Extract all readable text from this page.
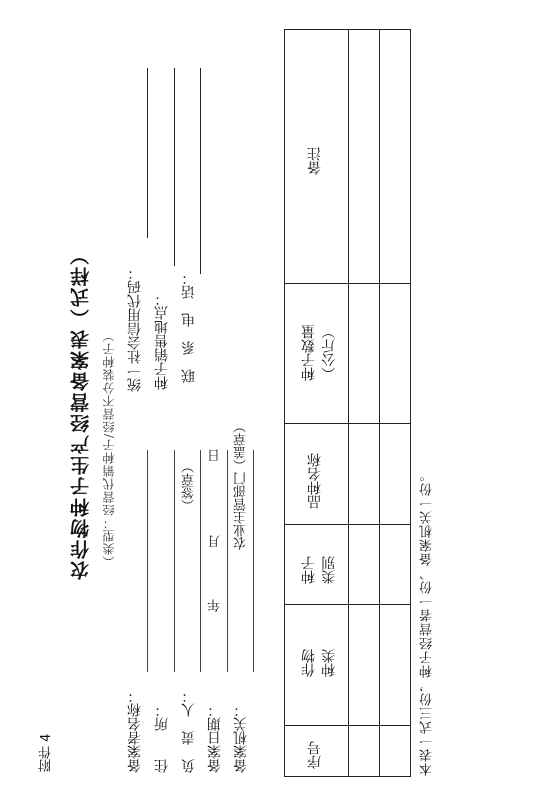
附件 4
农作物种子生产经营备案表（式样） （类型：经营代销种子/经营不分装种子）
备案者名称： 住　　所： 负　责　人：
（签章）
备案日期：
年
月
日
备案机关：
农业主管部门（盖章）
统一社会信用代码： 种子销售地点： 联　系　电　话：
序号
作物
种类
种子
类别
品种名称
种子数量
（公斤）
备注
本表一式三份，种子经营者一份、备案机关一份。
